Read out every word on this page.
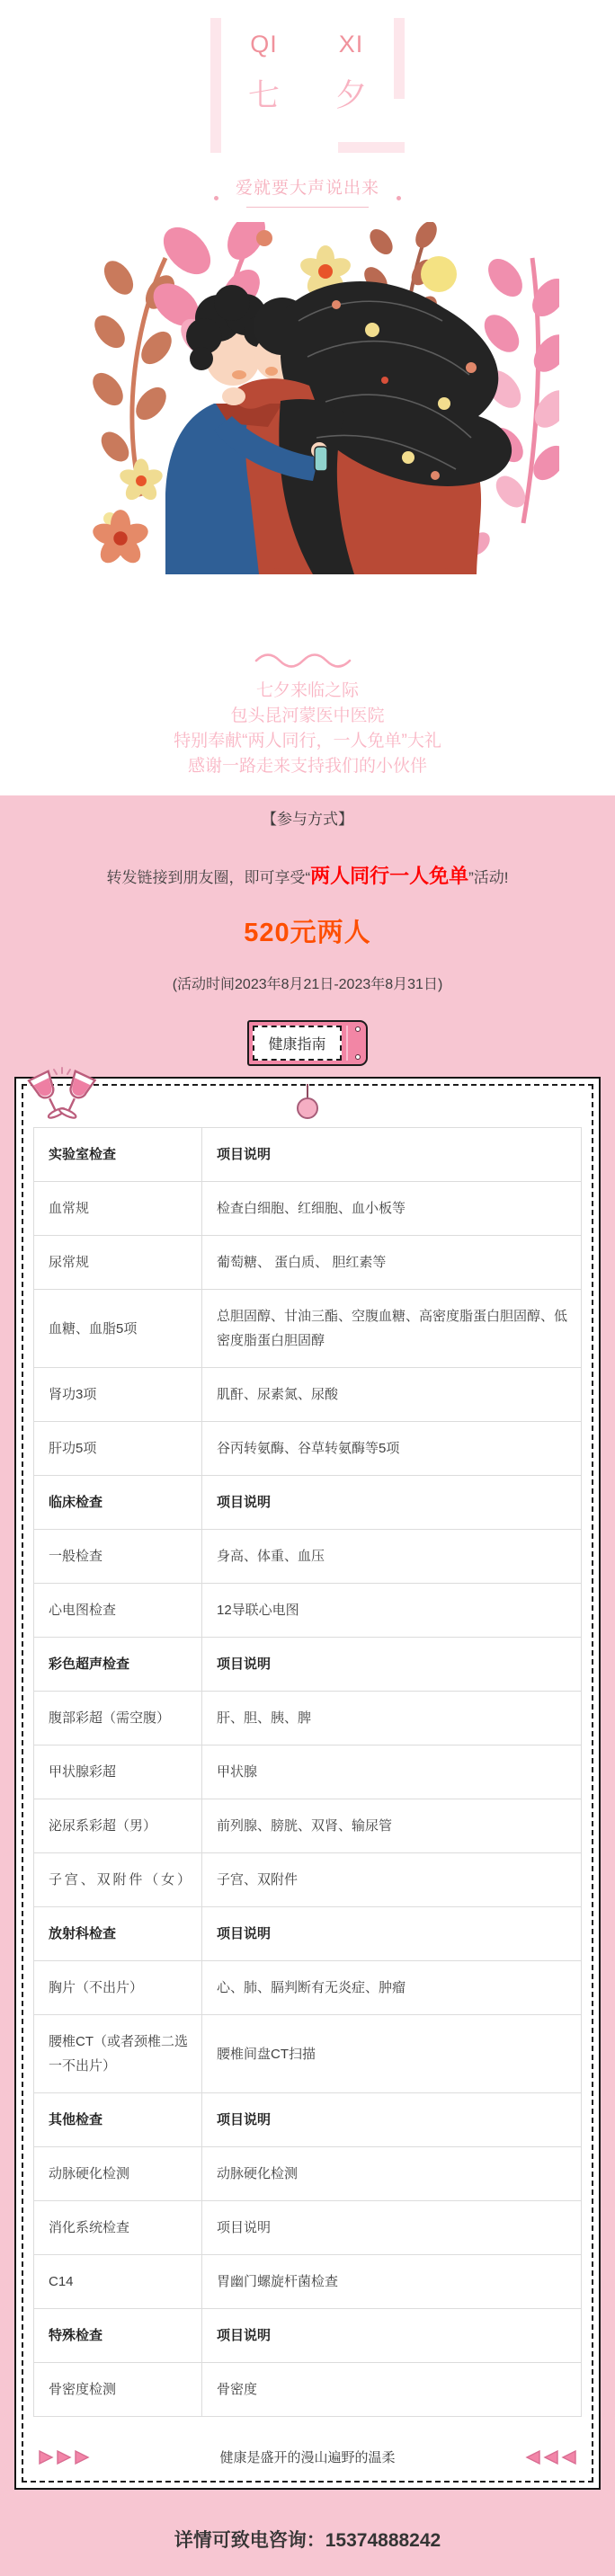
QI
七
XI
夕
爱就要大声说出来

七夕来临之际

包头昆河蒙医中医院

特别奉献“两人同行，一人免单”大礼

感谢一路走来支持我们的小伙伴

【参与方式】

转发链接到朋友圈，即可享受“两人同行一人免单”活动!
520元两人
(活动时间2023年8月21日-2023年8月31日)
健康指南
实验室检查	项目说明
血常规	检查白细胞、红细胞、血小板等
尿常规	葡萄糖、 蛋白质、 胆红素等
血糖、血脂5项	总胆固醇、甘油三酯、空腹血糖、高密度脂蛋白胆固醇、低密度脂蛋白胆固醇
肾功3项	肌酐、尿素氮、尿酸
肝功5项	谷丙转氨酶、谷草转氨酶等5项
临床检查	项目说明
一般检查	身高、体重、血压
心电图检查	12导联心电图
彩色超声检查	项目说明
腹部彩超（需空腹）	肝、胆、胰、脾
甲状腺彩超	甲状腺
泌尿系彩超（男）	前列腺、膀胱、双肾、输尿管
子宫、双附件（女）	子宫、双附件
放射科检查	项目说明
胸片（不出片）	心、肺、膈判断有无炎症、肿瘤
腰椎CT（或者颈椎二选一不出片）	腰椎间盘CT扫描
其他检查	项目说明
动脉硬化检测	动脉硬化检测
消化系统检查	项目说明
C14	胃幽门螺旋杆菌检查
特殊检查	项目说明
骨密度检测	骨密度
健康是盛开的漫山遍野的温柔
详情可致电咨询：15374888242
